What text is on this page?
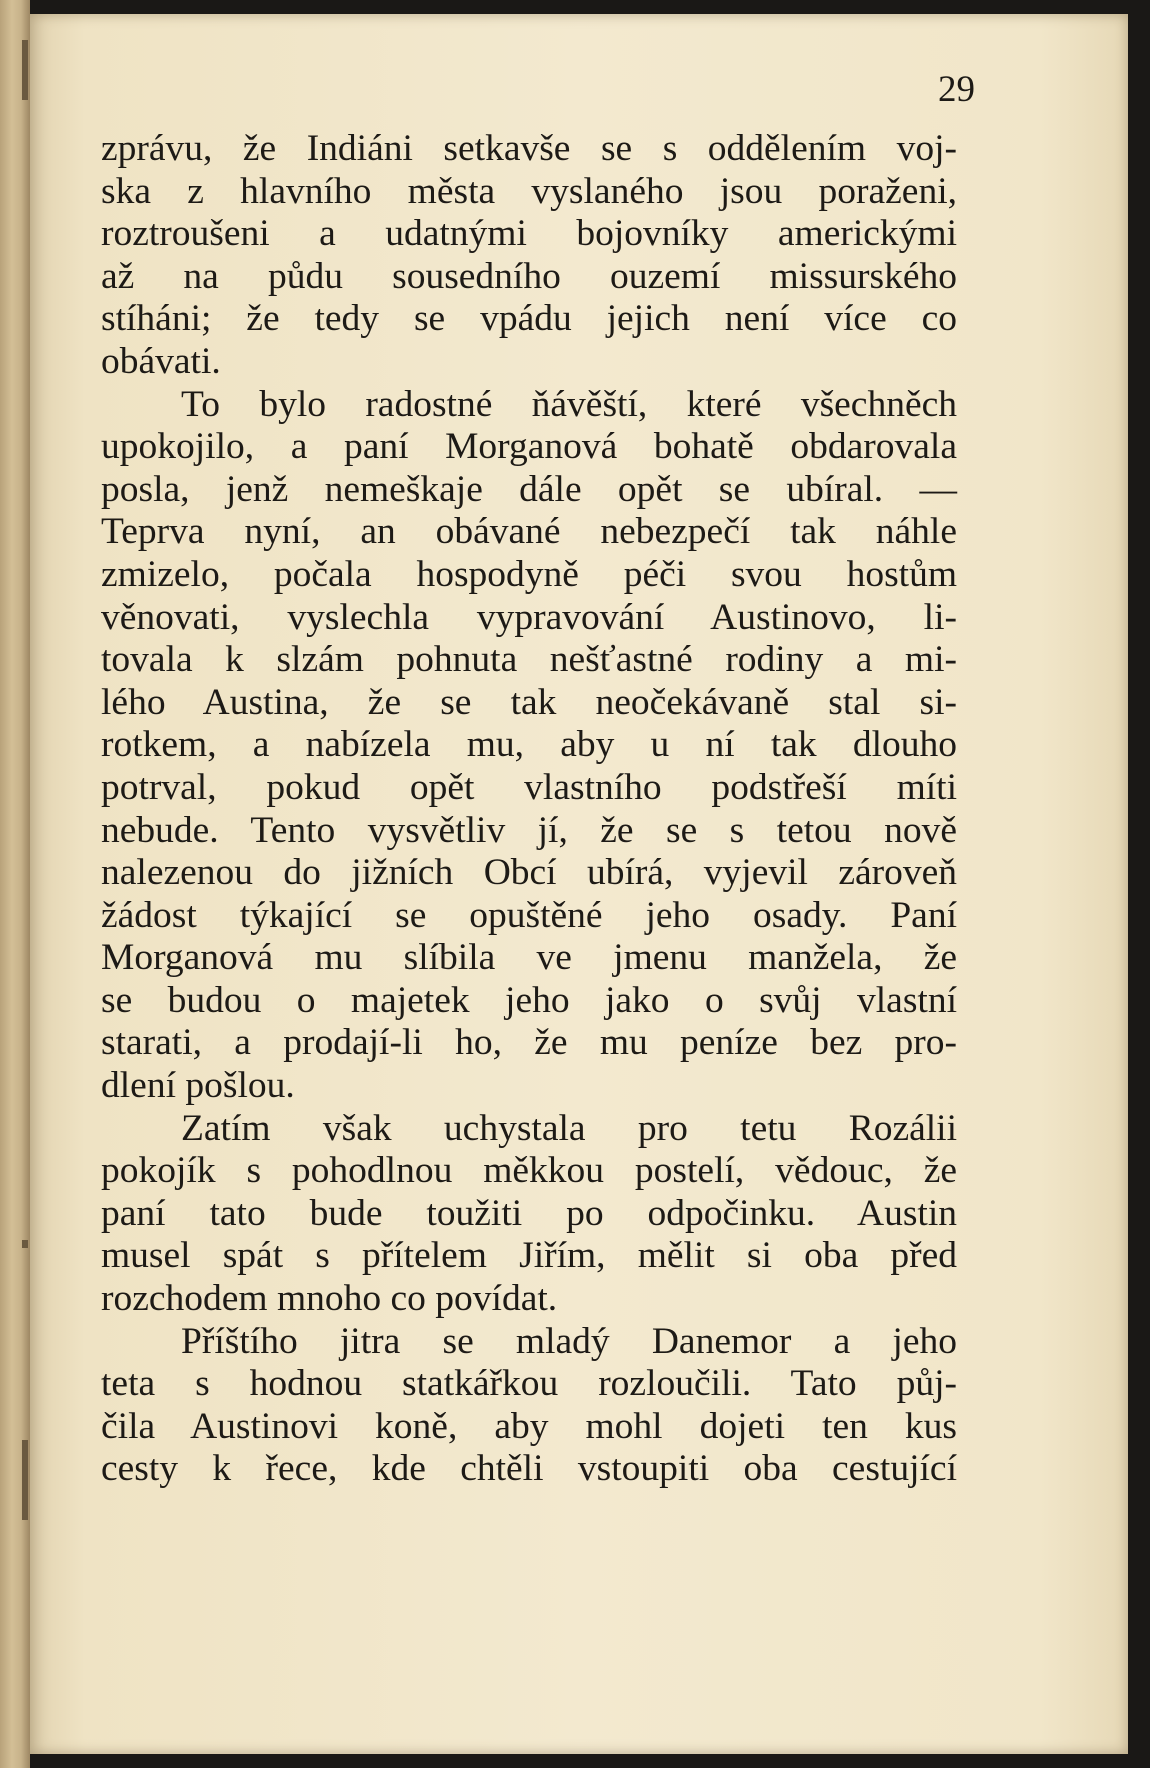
29

zprávu, že Indiáni setkavše se s oddělením voj-
ska z hlavního města vyslaného jsou poraženi,
roztroušeni a udatnými bojovníky americkými
až na půdu sousedního ouzemí missurského
stíháni; že tedy se vpádu jejich není více co
obávati.
To bylo radostné ňávěští, které všechněch
upokojilo, a paní Morganová bohatě obdarovala
posla, jenž nemeškaje dále opět se ubíral. —
Teprva nyní, an obávané nebezpečí tak náhle
zmizelo, počala hospodyně péči svou hostům
věnovati, vyslechla vypravování Austinovo, li-
tovala k slzám pohnuta nešťastné rodiny a mi-
lého Austina, že se tak neočekávaně stal si-
rotkem, a nabízela mu, aby u ní tak dlouho
potrval, pokud opět vlastního podstřeší míti
nebude. Tento vysvětliv jí, že se s tetou nově
nalezenou do jižních Obcí ubírá, vyjevil zároveň
žádost týkající se opuštěné jeho osady. Paní
Morganová mu slíbila ve jmenu manžela, že
se budou o majetek jeho jako o svůj vlastní
starati, a prodají-li ho, že mu peníze bez pro-
dlení pošlou.
Zatím však uchystala pro tetu Rozálii
pokojík s pohodlnou měkkou postelí, vědouc, že
paní tato bude toužiti po odpočinku. Austin
musel spát s přítelem Jiřím, mělit si oba před
rozchodem mnoho co povídat.
Příštího jitra se mladý Danemor a jeho
teta s hodnou statkářkou rozloučili. Tato půj-
čila Austinovi koně, aby mohl dojeti ten kus
cesty k řece, kde chtěli vstoupiti oba cestující
